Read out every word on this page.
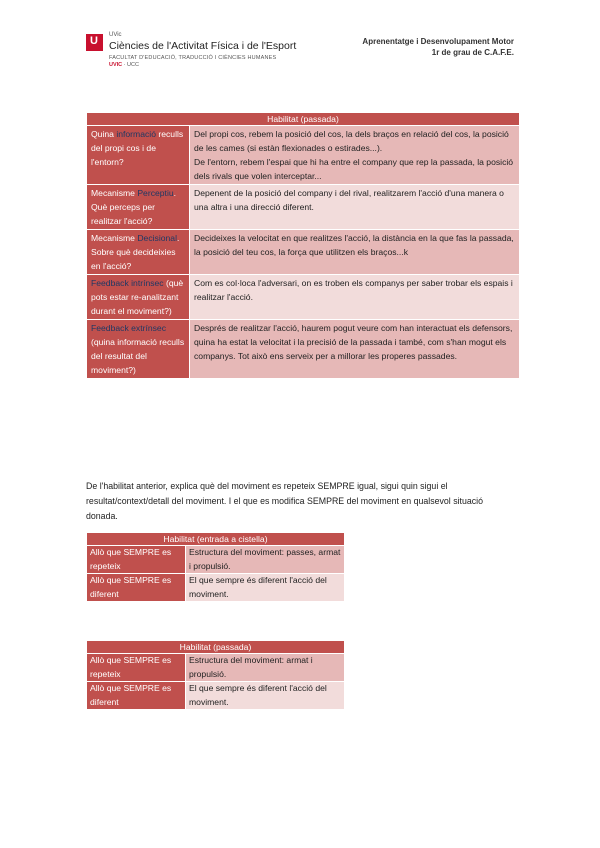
U
UVic
Ciències de l'Activitat Física i de l'Esport
FACULTAT D'EDUCACIÓ, TRADUCCIÓ I CIÈNCIES HUMANES
UVIC · UCC
Aprenentatge i Desenvolupament Motor
1r de grau de C.A.F.E.
Habilitat (passada)	
Quina informació reculls del propi cos i de l'entorn?	Del propi cos, rebem la posició del cos, la dels braços en relació del cos, la posició de les cames (si estàn flexionades o estirades...).
De l'entorn, rebem l'espai que hi ha entre el company que rep la passada, la posició dels rivals que volen interceptar...

Mecanisme Perceptiu. Què perceps per realitzar l'acció?	Depenent de la posició del company i del rival, realitzarem l'acció d'una manera o una altra i una direcció diferent.

Mecanisme Decisional. Sobre què decideixies en l'acció?	Decideixes la velocitat en que realitzes l'acció, la distància en la que fas la passada, la posició del teu cos, la força que utilitzen els braços...k

Feedback intrínsec (què pots estar re-analitzant durant el moviment?)	Com es col·loca l'adversari, on es troben els companys per saber trobar els espais i realitzar l'acció.

Feedback extrínsec (quina informació reculls del resultat del moviment?)	Després de realitzar l'acció, haurem pogut veure com han interactuat els defensors, quina ha estat la velocitat i la precisió de la passada i també, com s'han mogut els companys. Tot això ens serveix per a millorar les properes passades.
De l'habilitat anterior, explica què del moviment es repeteix SEMPRE igual, sigui quin sigui el resultat/context/detall del moviment. I el que es modifica SEMPRE del moviment en qualsevol situació donada.
Habilitat (entrada a cistella)	
Allò que SEMPRE es repeteix	Estructura del moviment: passes, armat i propulsió.
Allò que SEMPRE es diferent	El que sempre és diferent l'acció del moviment.
Habilitat (passada)	
Allò que SEMPRE es repeteix	Estructura del moviment: armat i propulsió.
Allò que SEMPRE es diferent	El que sempre és diferent l'acció del moviment.
